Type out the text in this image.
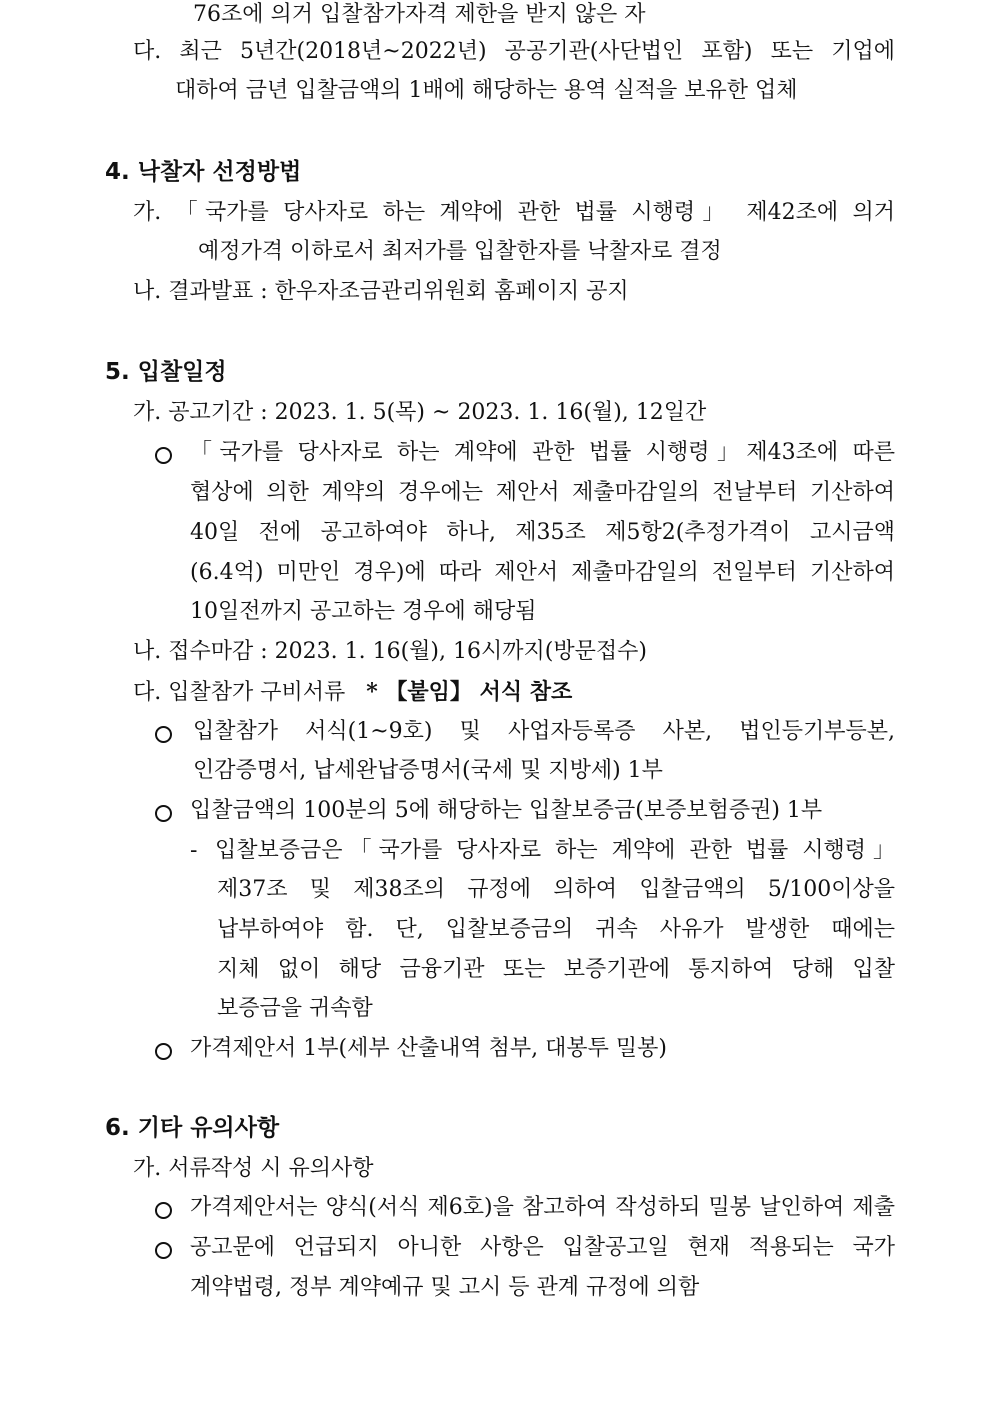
76조에 의거 입찰참가자격 제한을 받지 않은 자
다. 최근 5년간(2018년~2022년) 공공기관(사단법인 포함) 또는 기업에
대하여 금년 입찰금액의 1배에 해당하는 용역 실적을 보유한 업체
4. 낙찰자 선정방법
가. 「국가를 당사자로 하는 계약에 관한 법률 시행령」 제42조에 의거
예정가격 이하로서 최저가를 입찰한자를 낙찰자로 결정
나. 결과발표 : 한우자조금관리위원회 홈페이지 공지
5. 입찰일정
가. 공고기간 : 2023. 1. 5(목) ~ 2023. 1. 16(월), 12일간
「국가를 당사자로 하는 계약에 관한 법률 시행령」제43조에 따른
협상에 의한 계약의 경우에는 제안서 제출마감일의 전날부터 기산하여
40일 전에 공고하여야 하나, 제35조 제5항2(추정가격이 고시금액
(6.4억) 미만인 경우)에 따라 제안서 제출마감일의 전일부터 기산하여
10일전까지 공고하는 경우에 해당됨
나. 접수마감 : 2023. 1. 16(월), 16시까지(방문접수)
다. 입찰참가 구비서류 * 【붙임】 서식 참조
입찰참가 서식(1~9호) 및 사업자등록증 사본, 법인등기부등본,
인감증명서, 납세완납증명서(국세 및 지방세) 1부
입찰금액의 100분의 5에 해당하는 입찰보증금(보증보험증권) 1부
- 입찰보증금은「국가를 당사자로 하는 계약에 관한 법률 시행령」
제37조 및 제38조의 규정에 의하여 입찰금액의 5/100이상을
납부하여야 함. 단, 입찰보증금의 귀속 사유가 발생한 때에는
지체 없이 해당 금융기관 또는 보증기관에 통지하여 당해 입찰
보증금을 귀속함
가격제안서 1부(세부 산출내역 첨부, 대봉투 밀봉)
6. 기타 유의사항
가. 서류작성 시 유의사항
가격제안서는 양식(서식 제6호)을 참고하여 작성하되 밀봉 날인하여 제출
공고문에 언급되지 아니한 사항은 입찰공고일 현재 적용되는 국가
계약법령, 정부 계약예규 및 고시 등 관계 규정에 의함
